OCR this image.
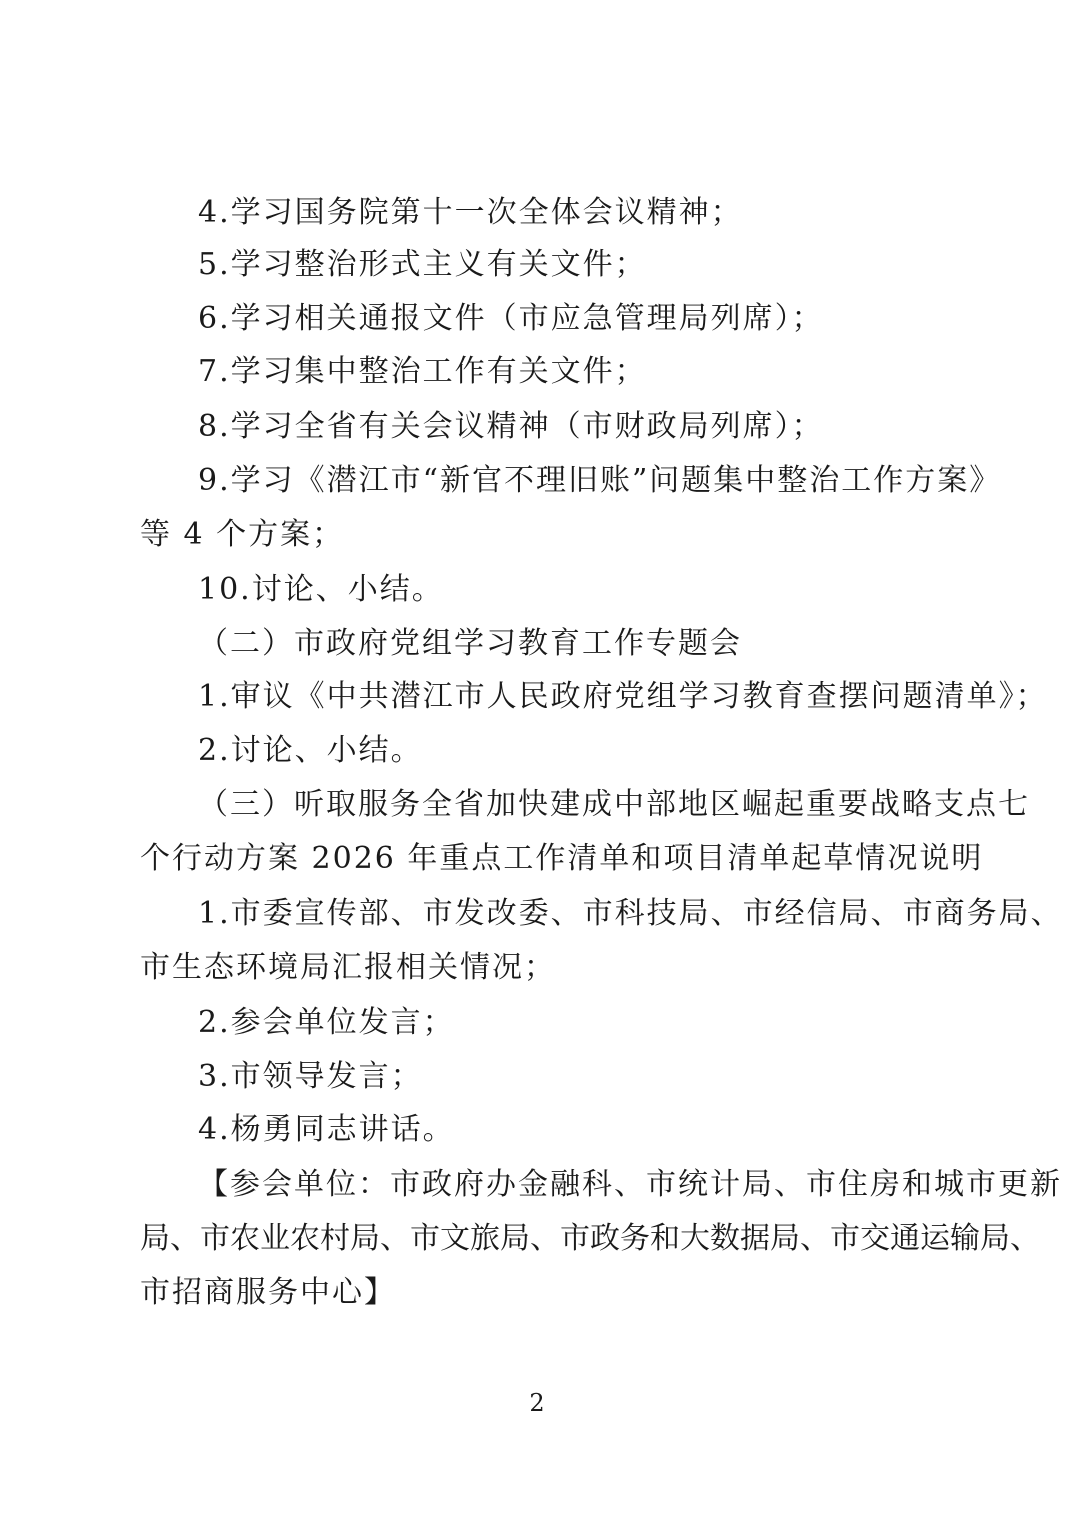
4.学习国务院第十一次全体会议精神；
5.学习整治形式主义有关文件；
6.学习相关通报文件（市应急管理局列席）；
7.学习集中整治工作有关文件；
8.学习全省有关会议精神（市财政局列席）；
9.学习《潜江市“新官不理旧账”问题集中整治工作方案》
等 4 个方案；
10.讨论、小结。
（二）市政府党组学习教育工作专题会
1.审议《中共潜江市人民政府党组学习教育查摆问题清单》；
2.讨论、小结。
（三）听取服务全省加快建成中部地区崛起重要战略支点七
个行动方案 2026 年重点工作清单和项目清单起草情况说明
1.市委宣传部、市发改委、市科技局、市经信局、市商务局、
市生态环境局汇报相关情况；
2.参会单位发言；
3.市领导发言；
4.杨勇同志讲话。
【参会单位：市政府办金融科、市统计局、市住房和城市更新
局、市农业农村局、市文旅局、市政务和大数据局、市交通运输局、
市招商服务中心】
2
